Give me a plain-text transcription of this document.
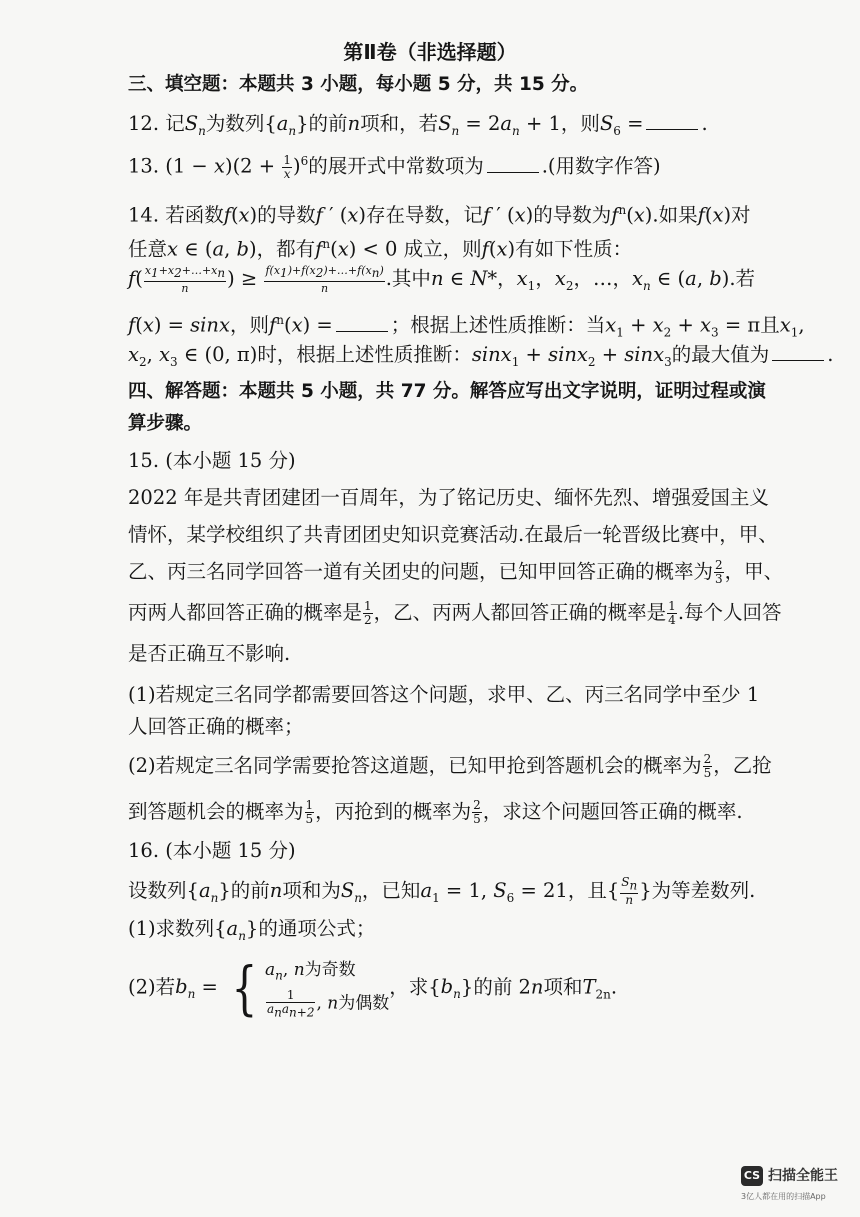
第Ⅱ卷（非选择题）
三、填空题：本题共 3 小题，每小题 5 分，共 15 分。
12. 记$S_n$为数列$\{a_n\}$的前n项和，若$S_n = 2a_n + 1$，则$S_6$ =	.
13. $(1 - x)(2 + \frac{1}{x} )^6$的展开式中常数项为	.(用数字作答)
14. 若函数f(x)的导数f ′ (x)存在导数，记f ′ (x)的导数为$f^n(x)$.如果f(x)对
任意x ∈ (a, b)，都有$f^n(x) < 0$ 成立，则f(x)有如下性质：
$f( \frac{x_1+x_2+\dots+x_n}{n}$ ) ≥ $\frac{f(x_1)+f(x_2)+\dots+f(x_n)}{n}$ .其中n ∈ N*，$x_1$，$x_2$，…，$x_n$ ∈ (a, b).若
f(x) = sinx，则$f^n(x)$ =	；根据上述性质推断：当$x_1 + x_2 + x_3 = \pi$且$x_1$,
$x_2$, $x_3$ ∈ (0, π)时，根据上述性质推断：sinx$_1$ + sinx$_2$ + sinx$_3$的最大值为	.
四、解答题：本题共 5 小题，共 77 分。解答应写出文字说明，证明过程或演
算步骤。
15. (本小题 15 分)
2022 年是共青团建团一百周年，为了铭记历史、缅怀先烈、增强爱国主义
情怀，某学校组织了共青团团史知识竞赛活动.在最后一轮晋级比赛中，甲、
乙、丙三名同学回答一道有关团史的问题，已知甲回答正确的概率为 $\frac{2}{3}$ ，甲、
丙两人都回答正确的概率是 $\frac{1}{2}$ ，乙、丙两人都回答正确的概率是 $\frac{1}{4}$ .每个人回答
是否正确互不影响.
(1)若规定三名同学都需要回答这个问题，求甲、乙、丙三名同学中至少 1
人回答正确的概率；
(2)若规定三名同学需要抢答这道题，已知甲抢到答题机会的概率为 $\frac{2}{5}$ ，乙抢
到答题机会的概率为 $\frac{1}{5}$ ，丙抢到的概率为 $\frac{2}{5}$ ，求这个问题回答正确的概率.
16. (本小题 15 分)
设数列$\{a_n\}$的前n项和为$S_n$，已知$a_1 = 1$, $S_6 = 21$，且{ $\frac{S_n}{n}$ }为等差数列.
(1)求数列$\{a_n\}$的通项公式；
(2)若$b_n$ = { $a_n$, n为奇数
$\frac{1}{a_na_{n+2}}$ , n为偶数
，求$\{b_n\}$的前 2n项和$T_{2n}$.
CS 扫描全能王
3亿人都在用的扫描App
